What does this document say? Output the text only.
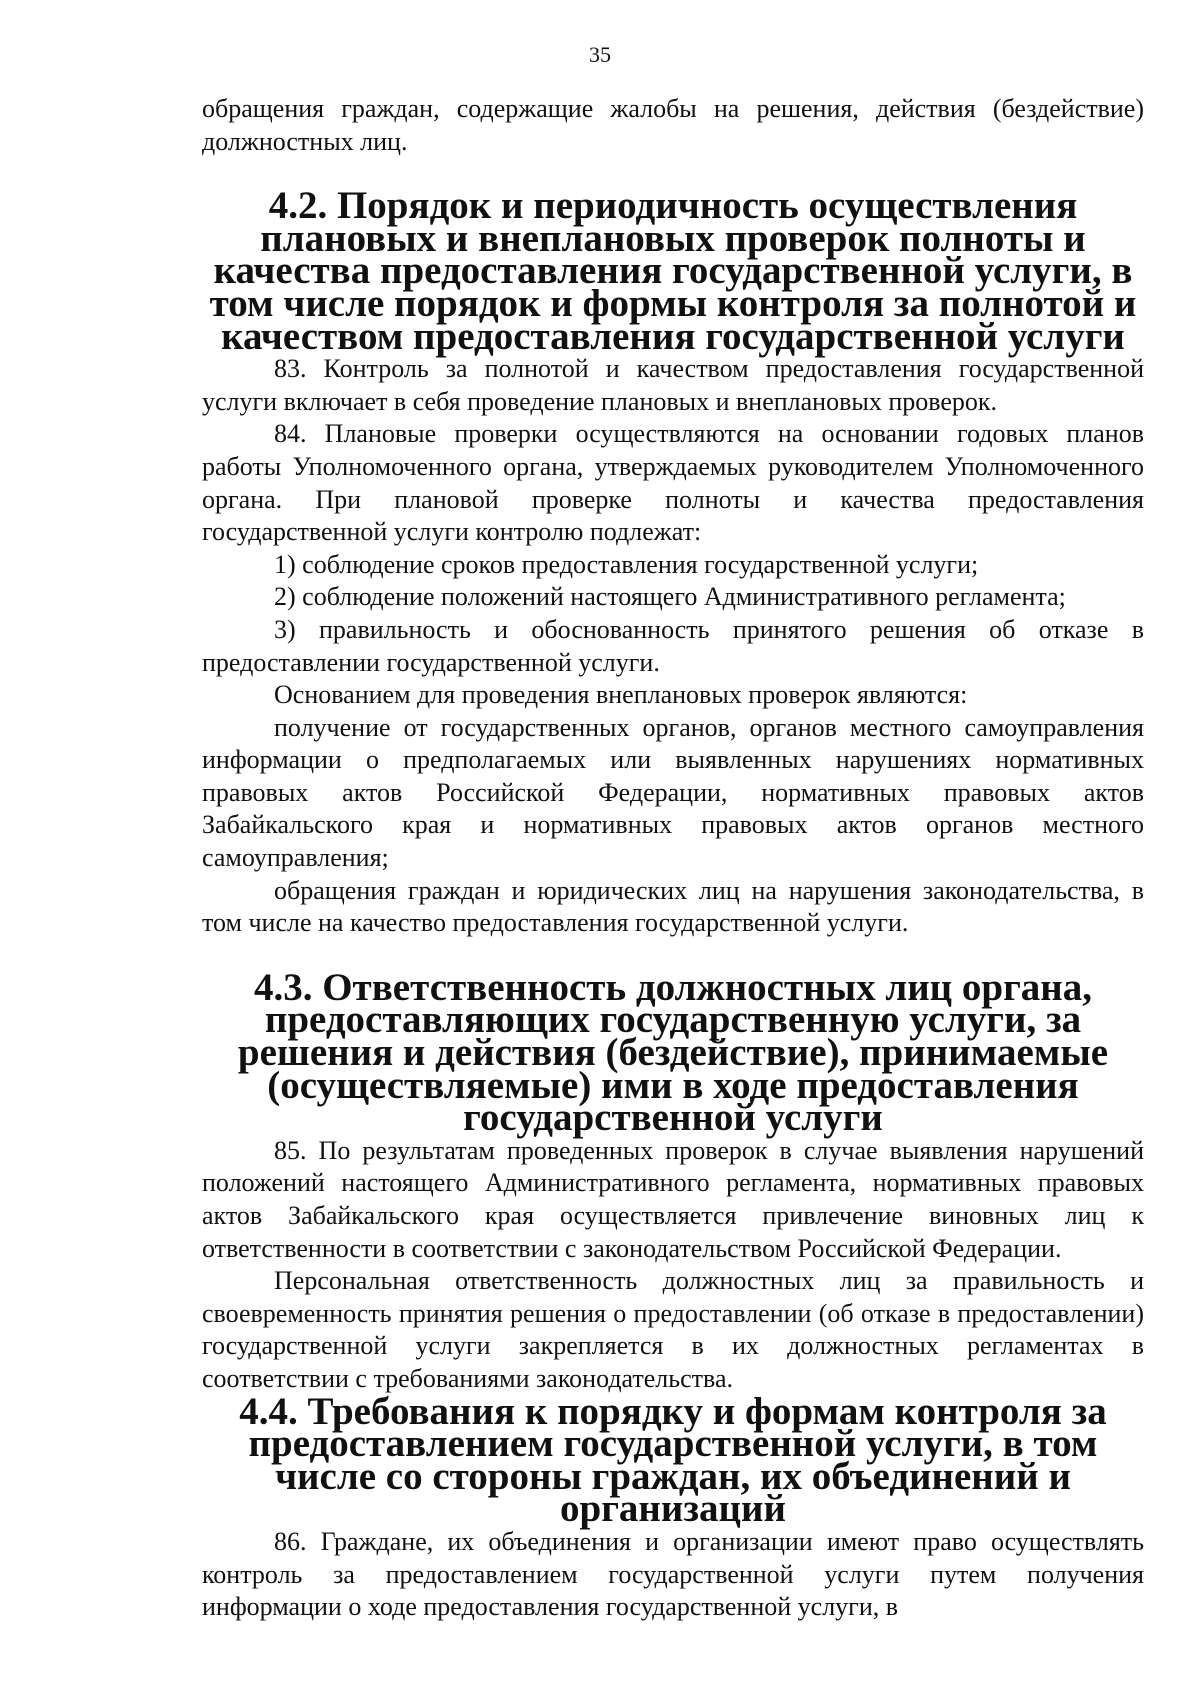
35

обращения граждан, содержащие жалобы на решения, действия (бездействие) должностных лиц.

4.2. Порядок и периодичность осуществления плановых и внеплановых проверок полноты и качества предоставления государственной услуги, в том числе порядок и формы контроля за полнотой и качеством предоставления государственной услуги

83. Контроль за полнотой и качеством предоставления государственной услуги включает в себя проведение плановых и внеплановых проверок.

84. Плановые проверки осуществляются на основании годовых планов работы Уполномоченного органа, утверждаемых руководителем Уполномоченного органа. При плановой проверке полноты и качества предоставления государственной услуги контролю подлежат:

1) соблюдение сроков предоставления государственной услуги;

2) соблюдение положений настоящего Административного регламента;

3) правильность и обоснованность принятого решения об отказе в предоставлении государственной услуги.

Основанием для проведения внеплановых проверок являются:

получение от государственных органов, органов местного самоуправления информации о предполагаемых или выявленных нарушениях нормативных правовых актов Российской Федерации, нормативных правовых актов Забайкальского края и нормативных правовых актов органов местного самоуправления;

обращения граждан и юридических лиц на нарушения законодательства, в том числе на качество предоставления государственной услуги.

4.3. Ответственность должностных лиц органа, предоставляющих государственную услуги, за решения и действия (бездействие), принимаемые (осуществляемые) ими в ходе предоставления государственной услуги

85. По результатам проведенных проверок в случае выявления нарушений положений настоящего Административного регламента, нормативных правовых актов Забайкальского края осуществляется привлечение виновных лиц к ответственности в соответствии с законодательством Российской Федерации.

Персональная ответственность должностных лиц за правильность и своевременность принятия решения о предоставлении (об отказе в предоставлении) государственной услуги закрепляется в их должностных регламентах в соответствии с требованиями законодательства.

4.4. Требования к порядку и формам контроля за предоставлением государственной услуги, в том числе со стороны граждан, их объединений и организаций

86. Граждане, их объединения и организации имеют право осуществлять контроль за предоставлением государственной услуги путем получения информации о ходе предоставления государственной услуги, в
